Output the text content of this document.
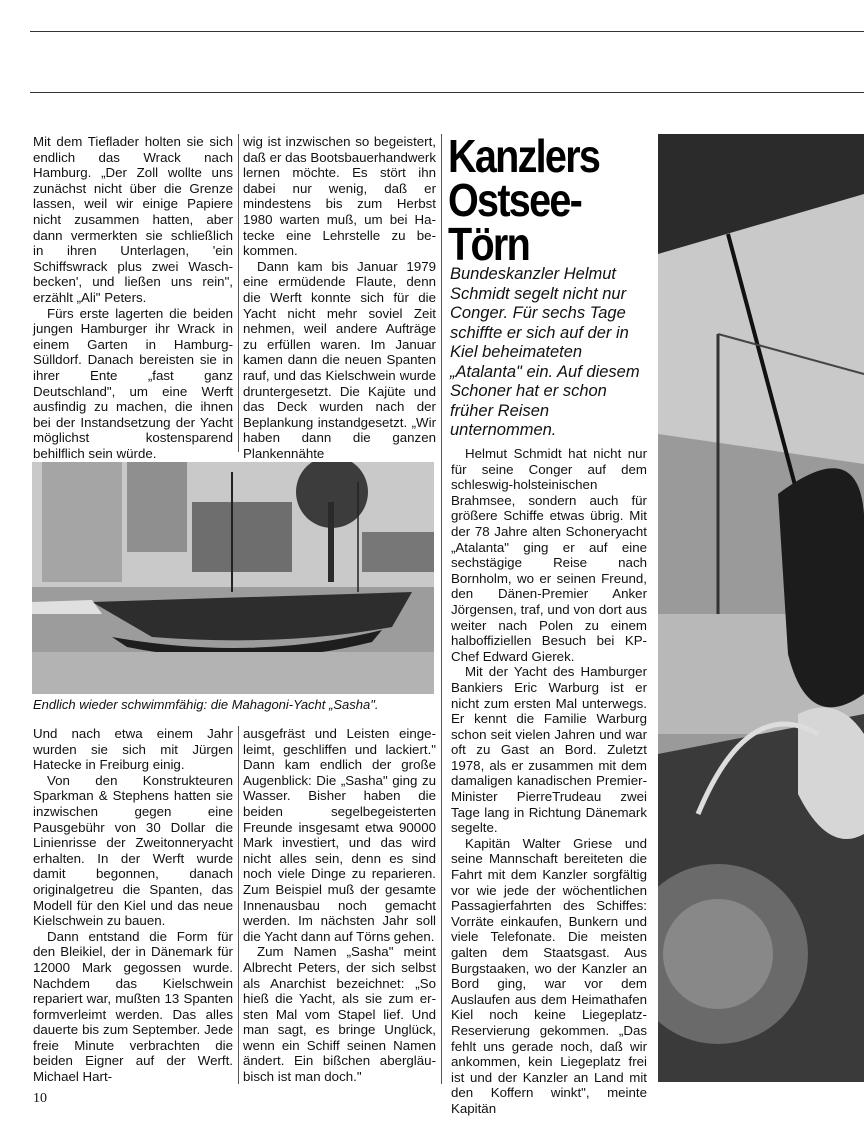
Mit dem Tieflader holten sie sich endlich das Wrack nach Hamburg. „Der Zoll wollte uns zunächst nicht über die Grenze lassen, weil wir einige Papiere nicht zusammen hatten, aber dann vermerkten sie schließlich in ihren Unterlagen, 'ein Schiffswrack plus zwei Waschbecken', und ließen uns rein", erzählt „Ali" Peters.

Fürs erste lagerten die beiden jungen Hamburger ihr Wrack in einem Garten in Hamburg-Sülldorf. Danach bereisten sie in ihrer Ente „fast ganz Deutschland", um eine Werft ausfindig zu machen, die ihnen bei der Instandsetzung der Yacht möglichst kostensparend behilflich sein würde.

wig ist inzwischen so begeistert, daß er das Bootsbauerhandwerk lernen möchte. Es stört ihn dabei nur wenig, daß er mindestens bis zum Herbst 1980 warten muß, um bei Hatecke eine Lehrstelle zu bekommen.

Dann kam bis Januar 1979 eine ermüdende Flaute, denn die Werft konnte sich für die Yacht nicht mehr soviel Zeit nehmen, weil andere Aufträge zu erfüllen waren. Im Januar kamen dann die neuen Spanten rauf, und das Kielschwein wurde druntergesetzt. Die Kajüte und das Deck wurden nach der Beplankung instandgesetzt. „Wir haben dann die ganzen Plankennähte

Kanzlers
Ostsee-
Törn
Bundeskanzler Helmut Schmidt segelt nicht nur Conger. Für sechs Tage schiffte er sich auf der in Kiel beheimateten „Atalanta" ein. Auf diesem Schoner hat er schon früher Reisen unternommen.

Helmut Schmidt hat nicht nur für seine Conger auf dem schleswig-holsteinischen Brahmsee, sondern auch für größere Schiffe etwas übrig. Mit der 78 Jahre alten Schoneryacht „Atalanta" ging er auf eine sechstägige Reise nach Bornholm, wo er seinen Freund, den Dänen-Premier Anker Jörgensen, traf, und von dort aus weiter nach Polen zu einem halboffiziellen Besuch bei KP-Chef Edward Gierek.

Mit der Yacht des Hamburger Bankiers Eric Warburg ist er nicht zum ersten Mal unterwegs. Er kennt die Familie Warburg schon seit vielen Jahren und war oft zu Gast an Bord. Zuletzt 1978, als er zusammen mit dem damaligen kanadischen Premier-Minister PierreTrudeau zwei Tage lang in Richtung Dänemark segelte.

Kapitän Walter Griese und seine Mannschaft bereiteten die Fahrt mit dem Kanzler sorgfältig vor wie jede der wöchentlichen Passagierfahrten des Schiffes: Vorräte einkaufen, Bunkern und viele Telefonate. Die meisten galten dem Staatsgast. Aus Burgstaaken, wo der Kanzler an Bord ging, war vor dem Auslaufen aus dem Heimathafen Kiel noch keine Liegeplatz-Reservierung gekommen. „Das fehlt uns gerade noch, daß wir ankommen, kein Liegeplatz frei ist und der Kanzler an Land mit den Koffern winkt", meinte Kapitän

Endlich wieder schwimmfähig: die Mahagoni-Yacht „Sasha".

Und nach etwa einem Jahr wurden sie sich mit Jürgen Hatecke in Freiburg einig.

Von den Konstrukteuren Sparkman & Stephens hatten sie inzwischen gegen eine Pausgebühr von 30 Dollar die Linienrisse der Zweitonneryacht erhalten. In der Werft wurde damit begonnen, danach originalgetreu die Spanten, das Modell für den Kiel und das neue Kielschwein zu bauen.

Dann entstand die Form für den Bleikiel, der in Dänemark für 12000 Mark gegossen wurde. Nachdem das Kielschwein repariert war, mußten 13 Spanten formverleimt werden. Das alles dauerte bis zum September. Jede freie Minute verbrachten die beiden Eigner auf der Werft. Michael Hart-

ausgefräst und Leisten eingeleimt, geschliffen und lackiert." Dann kam endlich der große Augenblick: Die „Sasha" ging zu Wasser. Bisher haben die beiden segelbegeisterten Freunde insgesamt etwa 90000 Mark investiert, und das wird nicht alles sein, denn es sind noch viele Dinge zu reparieren. Zum Beispiel muß der gesamte Innenausbau noch gemacht werden. Im nächsten Jahr soll die Yacht dann auf Törns gehen.

Zum Namen „Sasha" meint Albrecht Peters, der sich selbst als Anarchist bezeichnet: „So hieß die Yacht, als sie zum ersten Mal vom Stapel lief. Und man sagt, es bringe Unglück, wenn ein Schiff seinen Namen ändert. Ein bißchen abergläubisch ist man doch."

10
